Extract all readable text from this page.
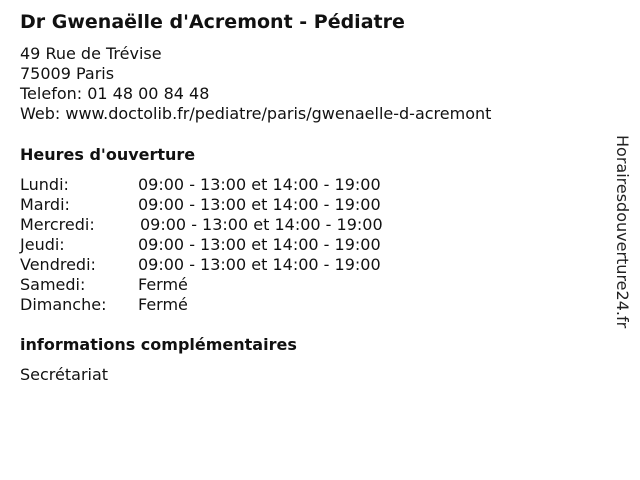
Dr Gwenaëlle d'Acremont - Pédiatre
49 Rue de Trévise
75009 Paris
Telefon: 01 48 00 84 48
Web: www.doctolib.fr/pediatre/paris/gwenaelle-d-acremont
Heures d'ouverture
Lundi:	09:00 - 13:00 et 14:00 - 19:00
Mardi:	09:00 - 13:00 et 14:00 - 19:00
Mercredi:	09:00 - 13:00 et 14:00 - 19:00
Jeudi:	09:00 - 13:00 et 14:00 - 19:00
Vendredi:	09:00 - 13:00 et 14:00 - 19:00
Samedi:	Fermé
Dimanche: Fermé
informations complémentaires
Secrétariat
Horairesdouverture24.fr
